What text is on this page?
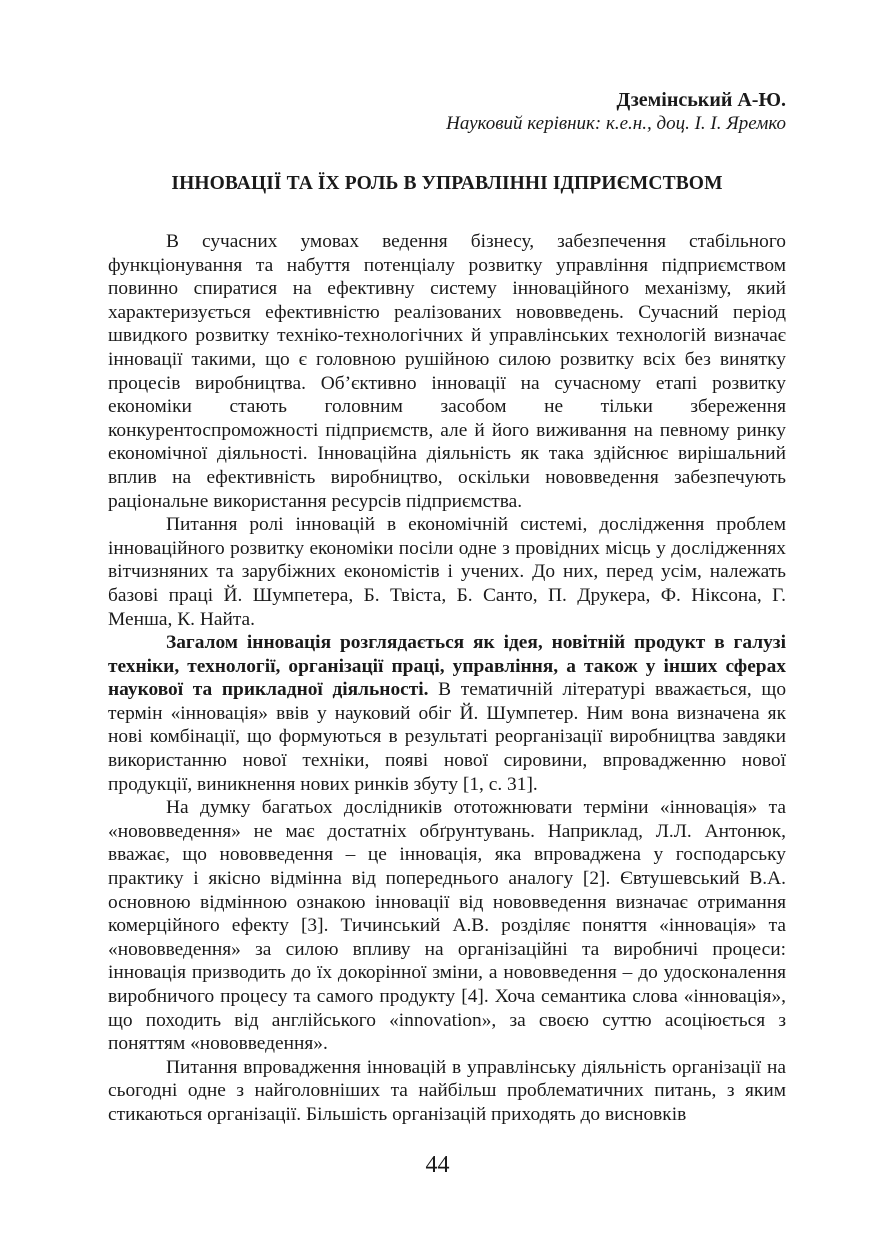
Дземінський А-Ю.

Науковий керівник: к.е.н., доц. І. І. Яремко

ІННОВАЦІЇ ТА ЇХ РОЛЬ В УПРАВЛІННІ ІДПРИЄМСТВОМ

В сучасних умовах ведення бізнесу, забезпечення стабільного функціонування та набуття потенціалу розвитку управління підприємством повинно спиратися на ефективну систему інноваційного механізму, який характеризується ефективністю реалізованих нововведень. Сучасний період швидкого розвитку техніко-технологічних й управлінських технологій визначає інновації такими, що є головною рушійною силою розвитку всіх без винятку процесів виробництва. Об’єктивно інновації на сучасному етапі розвитку економіки стають головним засобом не тільки збереження конкурентоспроможності підприємств, але й його виживання на певному ринку економічної діяльності. Інноваційна діяльність як така здійснює вирішальний вплив на ефективність виробництво, оскільки нововведення забезпечують раціональне використання ресурсів підприємства.

Питання ролі інновацій в економічній системі, дослідження проблем інноваційного розвитку економіки посіли одне з провідних місць у дослідженнях вітчизняних та зарубіжних економістів і учених. До них, перед усім, належать базові праці Й. Шумпетера, Б. Твіста, Б. Санто, П. Друкера, Ф. Ніксона, Г. Менша, К. Найта.

Загалом інновація розглядається як ідея, новітній продукт в галузі техніки, технології, організації праці, управління, а також у інших сферах наукової та прикладної діяльності. В тематичній літературі вважається, що термін «інновація» ввів у науковий обіг Й. Шумпетер. Ним вона визначена як нові комбінації, що формуються в результаті реорганізації виробництва завдяки використанню нової техніки, появі нової сировини, впровадженню нової продукції, виникнення нових ринків збуту [1, с. 31].

На думку багатьох дослідників ототожнювати терміни «інновація» та «нововведення» не має достатніх обґрунтувань. Наприклад, Л.Л. Антонюк, вважає, що нововведення – це інновація, яка впроваджена у господарську практику і якісно відмінна від попереднього аналогу [2]. Євтушевський В.А. основною відмінною ознакою інновації від нововведення визначає отримання комерційного ефекту [3]. Тичинський А.В. розділяє поняття «інновація» та «нововведення» за силою впливу на організаційні та виробничі процеси: інновація призводить до їх докорінної зміни, а нововведення – до удосконалення виробничого процесу та самого продукту [4]. Хоча семантика слова «інновація», що походить від англійського «innovation», за своєю суттю асоціюється з поняттям «нововведення».

Питання впровадження інновацій в управлінську діяльність організації на сьогодні одне з найголовніших та найбільш проблематичних питань, з яким стикаються організації. Більшість організацій приходять до висновків

44
